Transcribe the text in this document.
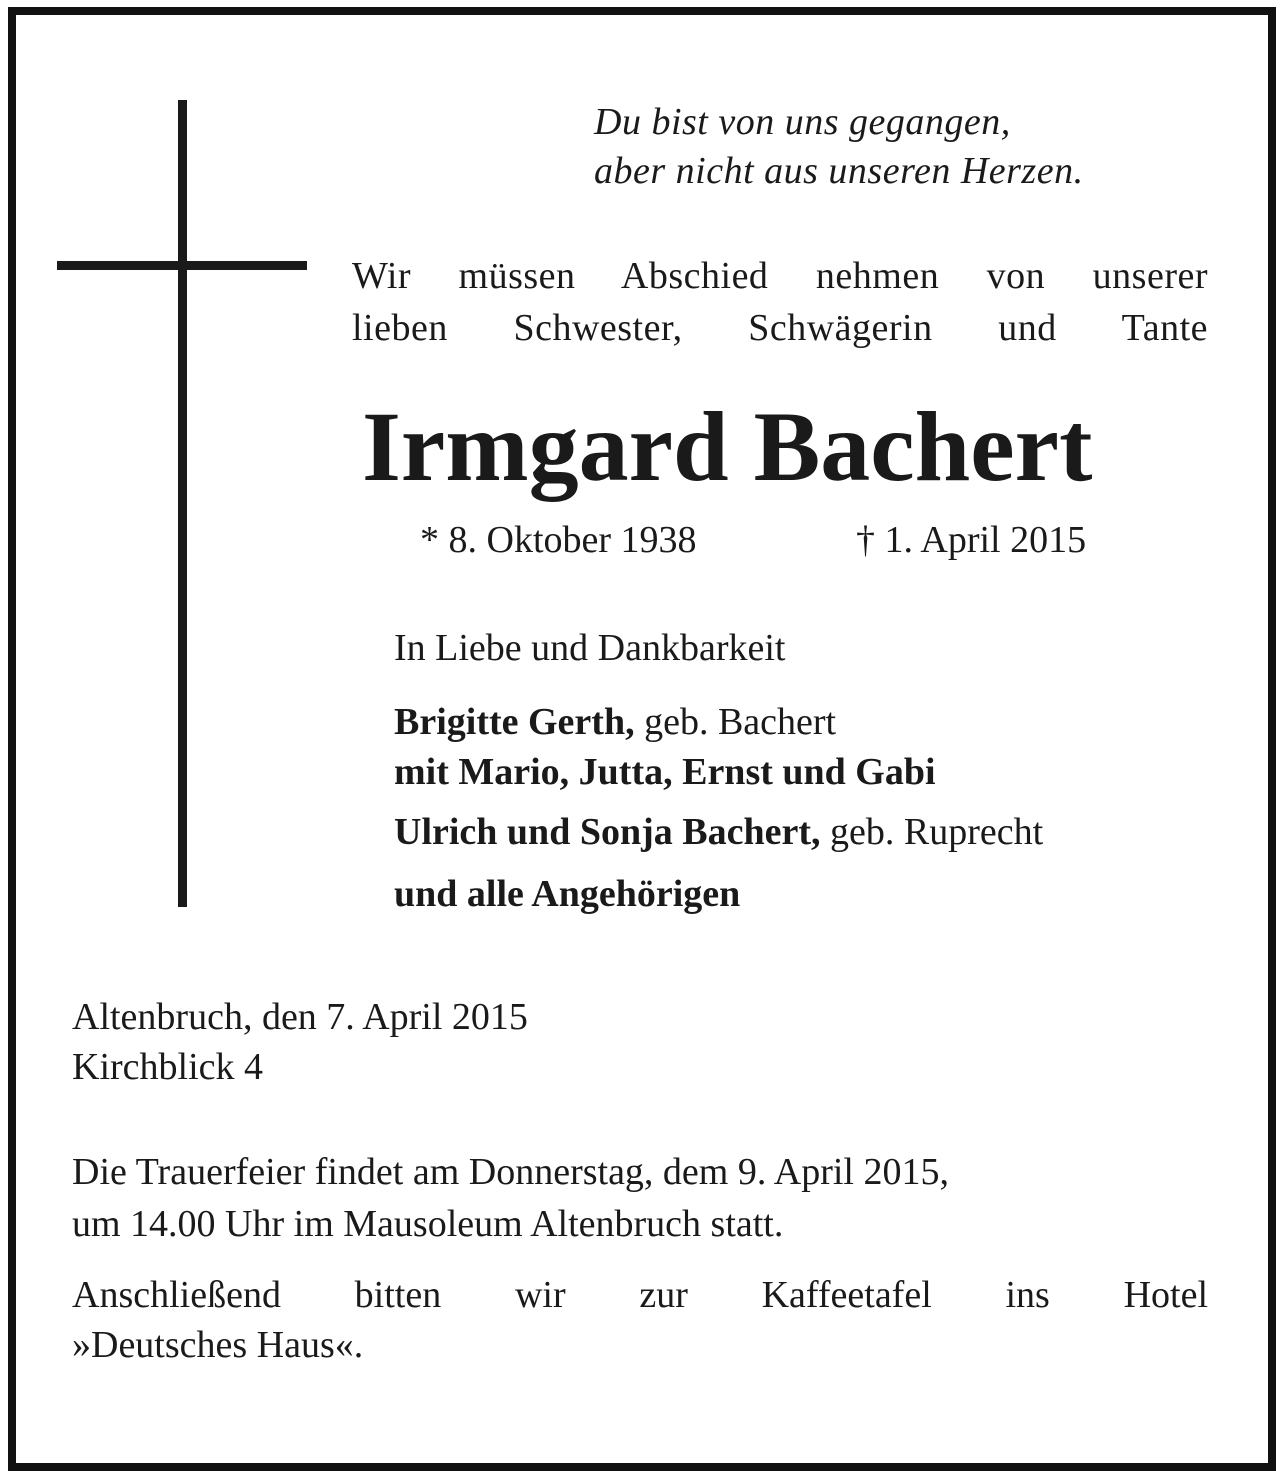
Du bist von uns gegangen,
aber nicht aus unseren Herzen.
Wir müssen Abschied nehmen von unserer lieben Schwester, Schwägerin und Tante
Irmgard Bachert
* 8. Oktober 1938	† 1. April 2015
In Liebe und Dankbarkeit
Brigitte Gerth, geb. Bachert
mit Mario, Jutta, Ernst und Gabi
Ulrich und Sonja Bachert, geb. Ruprecht
und alle Angehörigen
Altenbruch, den 7. April 2015
Kirchblick 4
Die Trauerfeier findet am Donnerstag, dem 9. April 2015,
um 14.00 Uhr im Mausoleum Altenbruch statt.
Anschließend bitten wir zur Kaffeetafel ins Hotel
»Deutsches Haus«.
